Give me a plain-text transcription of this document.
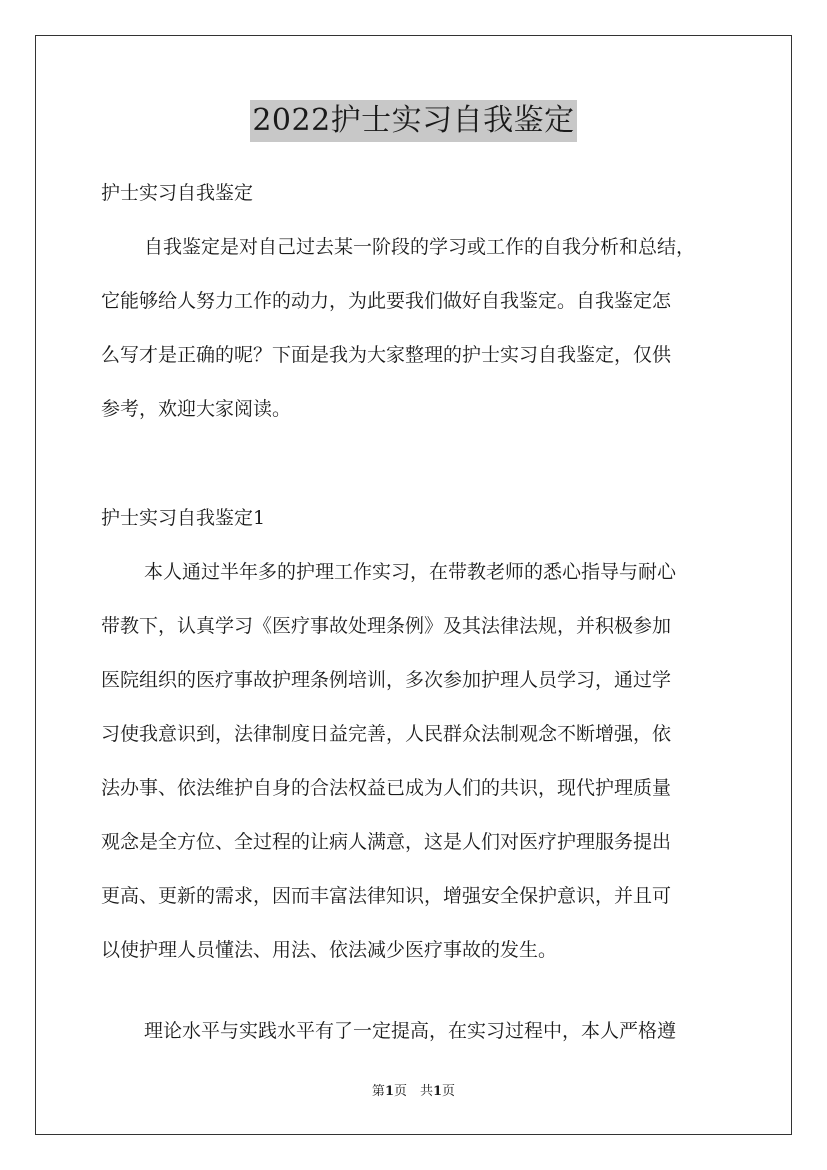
2022护士实习自我鉴定
护士实习自我鉴定
自我鉴定是对自己过去某一阶段的学习或工作的自我分析和总结，
它能够给人努力工作的动力，为此要我们做好自我鉴定。自我鉴定怎
么写才是正确的呢？下面是我为大家整理的护士实习自我鉴定，仅供
参考，欢迎大家阅读。
护士实习自我鉴定1
本人通过半年多的护理工作实习，在带教老师的悉心指导与耐心
带教下，认真学习《医疗事故处理条例》及其法律法规，并积极参加
医院组织的医疗事故护理条例培训，多次参加护理人员学习，通过学
习使我意识到，法律制度日益完善，人民群众法制观念不断增强，依
法办事、依法维护自身的合法权益已成为人们的共识，现代护理质量
观念是全方位、全过程的让病人满意，这是人们对医疗护理服务提出
更高、更新的需求，因而丰富法律知识，增强安全保护意识，并且可
以使护理人员懂法、用法、依法减少医疗事故的发生。
理论水平与实践水平有了一定提高，在实习过程中，本人严格遵
第1页　共1页
